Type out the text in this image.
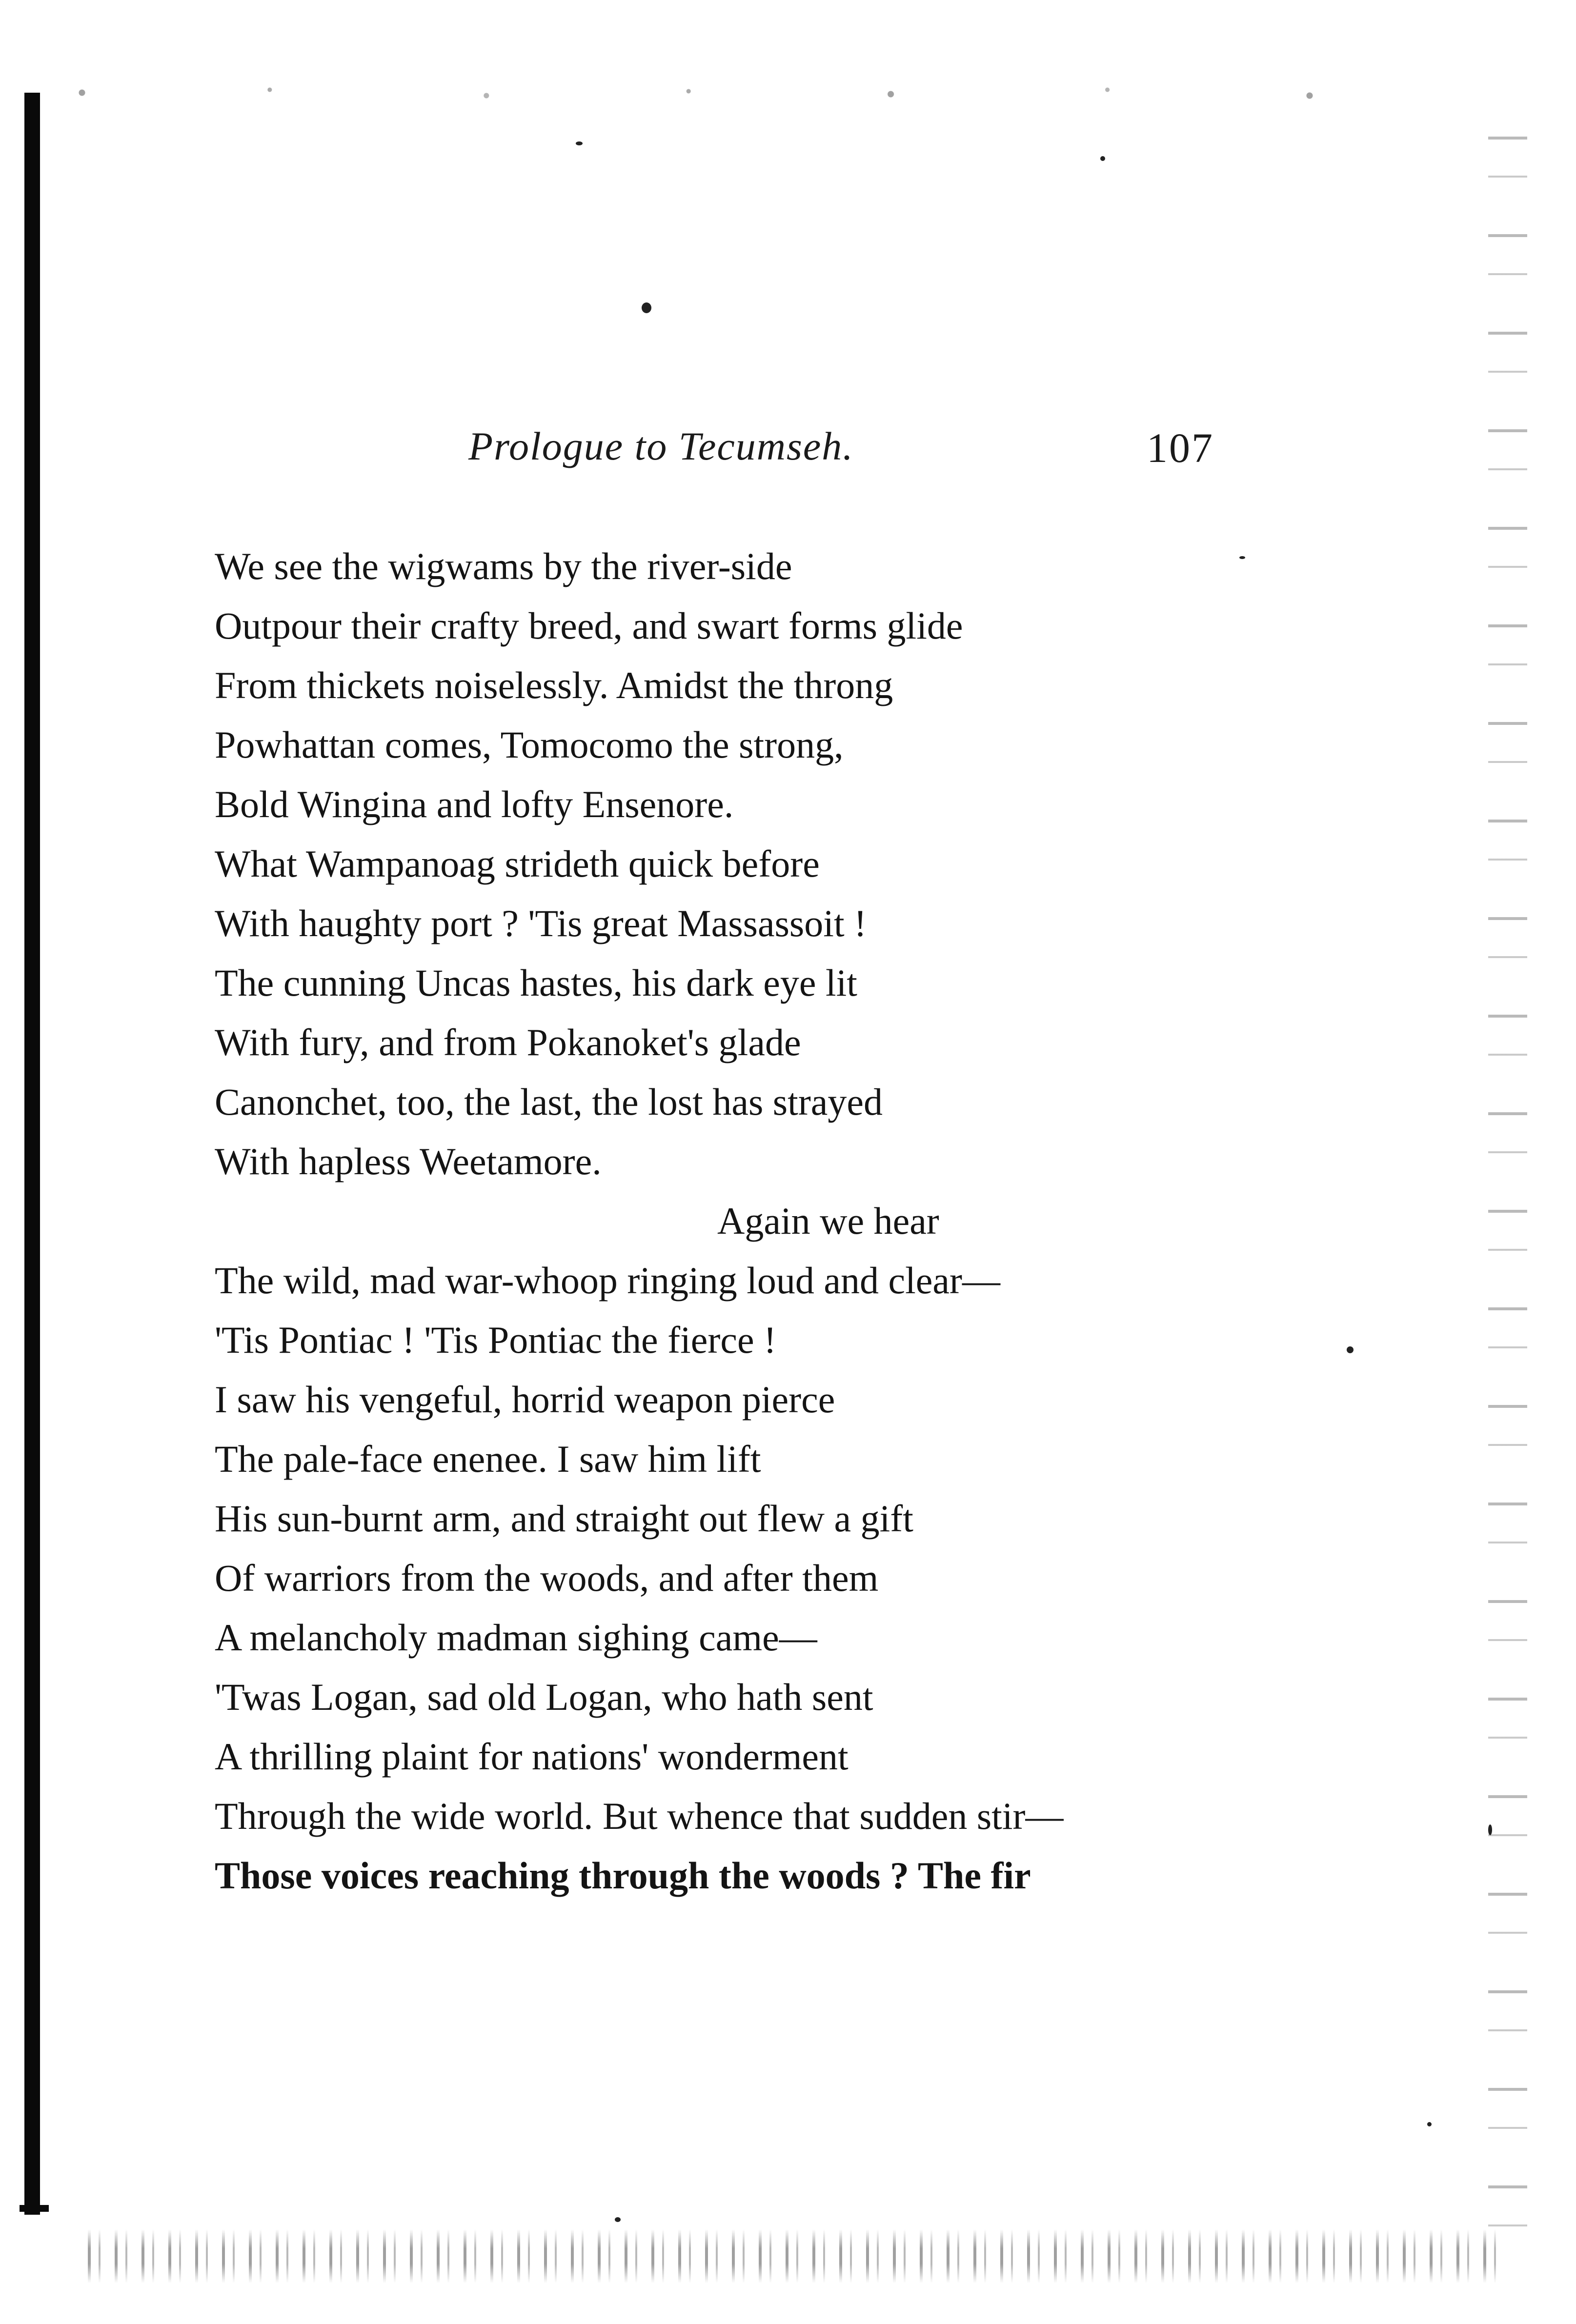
Prologue to Tecumseh.	107
We see the wigwams by the river-side
Outpour their crafty breed, and swart forms glide
From thickets noiselessly. Amidst the throng
Powhattan comes, Tomocomo the strong,
Bold Wingina and lofty Ensenore.
What Wampanoag strideth quick before
With haughty port ? 'Tis great Massassoit !
The cunning Uncas hastes, his dark eye lit
With fury, and from Pokanoket's glade
Canonchet, too, the last, the lost has strayed
With hapless Weetamore.
Again we hear
The wild, mad war-whoop ringing loud and clear—
'Tis Pontiac ! 'Tis Pontiac the fierce !
I saw his vengeful, horrid weapon pierce
The pale-face enenee. I saw him lift
His sun-burnt arm, and straight out flew a gift
Of warriors from the woods, and after them
A melancholy madman sighing came—
'Twas Logan, sad old Logan, who hath sent
A thrilling plaint for nations' wonderment
Through the wide world. But whence that sudden stir—
Those voices reaching through the woods ? The fir
